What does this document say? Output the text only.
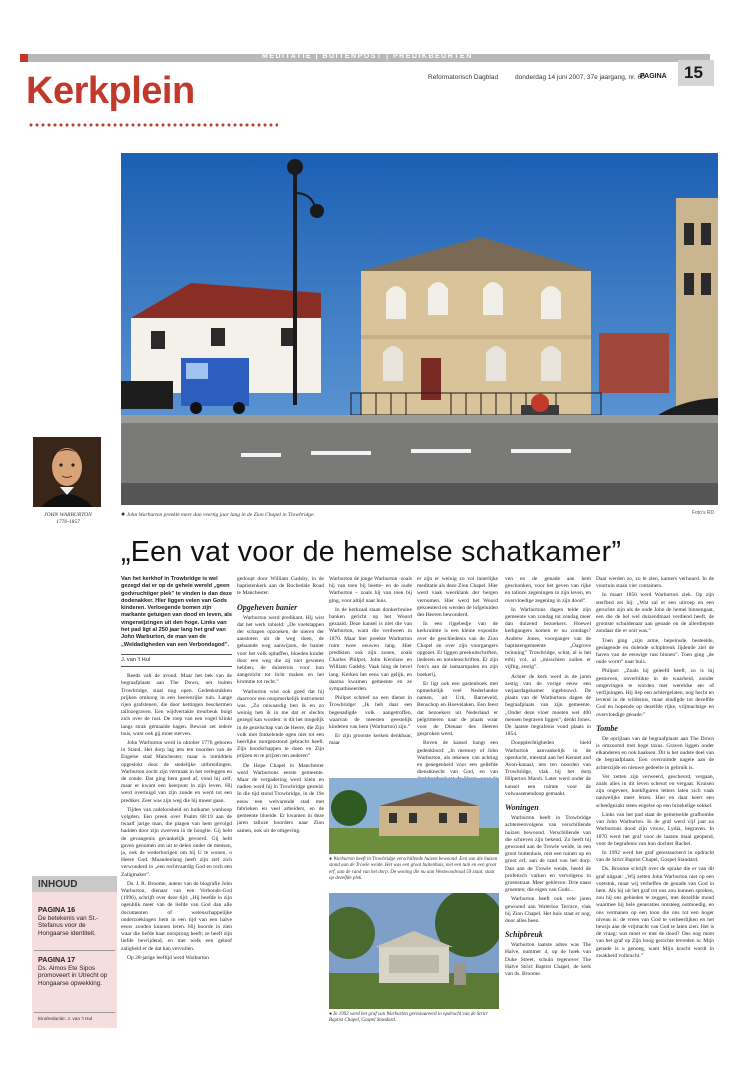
MEDITATIE | BUITENPOST | PREDIKBEURTEN
Kerkplein	Reformatorisch Dagblad	donderdag 14 juni 2007, 37e jaargang, nr. 60
PAGINA 15
JOHN WARBURTON
1776-1857
● John Warburton preekte meer dan veertig jaar lang in de Zion Chapel in Trowbridge.	Foto's RD
„Een vat voor de hemelse schatkamer”
Van het kerkhof in Trowbridge is wel gezegd dat er op de gehele wereld „geen godvruchtiger plek” te vinden is dan deze dodenakker. Hier liggen velen van Gods kinderen. Verloegende bomen zijn markante getuigen van dood en leven, als vingerwijzingen uit den hoge. Links van het pad ligt al 250 jaar lang het graf van John Warburton, de man van de „Weldadigheden van een Verbondsgod”.
J. van 't Hul

Reeds valt de avond. Maar het bek van de begraafplaats aan The Down, net buiten Trowbridge, staat nog open. Gedenkstukken prijken omhoog in een heerenrijke tuin. Lange rijen grafstenen, die door kettingen beschermen tallozegraven. Een wijdvertakte treurbeuk buigt zich over de rust. De roep van een vogel klinkt langs strak gemaaide hagen. Bewust zet iedere buis, want ook gij moet sterven.

John Warburton werd in oktober 1776 geboren in Stand. Het dorp lag iets ten noorden van de Engelse stad Manchester, maar is inmiddels opgeslokt door de stedelijke uitbreidingen. Warburton zocht zijn vermaak in het verleggen en de zonde. Dat ging hem goed af, vond hij zelf, maar er kwam een keerpunt in zijn leven. Hij werd overtuigd van zijn zonde en werd tot een prediker. Zeer was zijn weg die hij moest gaan.

Tijden van radeloosheid en hulkame wanhoop volgden. Een preek over Psalm 68:19 aan de twaalf jarige man, die plagen van hem gevolgd hadden door zijn zwerven in de hooglte. Gij hebt de gevangenis gevankelijk gevoerd. Gij hebt gaven genomen om uit te delen onder de mensen, ja, ook de wederhorigen om bij U te wonen, o Heere God. Maandenlang heeft zijn ziel zich verwonderd in „een rechtvaardig God en toch een Zaligmaker”.

Ds. J. R. Broome, auteur van de biografie John Warburton, dienaar van een Verbonds-God (1996), schrijft over deze tijd: „Hij beefde in zijn ogenblik meer van de liefde van God dan alle documenten of wetenschappelijke onderzoekingen hem in een tijd van een halve eeuw zouden kunnen leren. Hij hoorde in zien waar die liefde haar oorsprong heeft; ze heeft zijn liefde bevrijdend, en met welk een geloof zaligheid er de dat kan vervullen.

Op 28-jarige leeftijd werd Warburton

gedoopt door William Gadsby, in de baptistenkerk aan de Rochedale Road te Manchester.

Opgeheven banier

Warburton werd predikant. Hij wist dat het werk inhield: „De voetstappen der schapen opzoeken, de nieren der aanstoten uit de weg doen, de gebaande weg aanwijzen, de banier voor het volk opheffen, bloeden kinder door een weg die zij niet geweten hebben, de duisternis voor hun aangezicht tot licht maken en het kromme tot recht.”

Warburton wist ook goed dat hij daarvoor een onopmerkelijk instrument was. „Zo onwaardig ben ik en zo weinig heb ik in me dat er slechts gezegd kan worden: is dit het mogelijk in de gezelschap van de Heere, die Zijn volk met fonkelende ogen niet tot een heerlijke morgenstond gebracht heeft. Zijn boodschappen te doen en Zijn prijzen en te prijzen ten anderen”

De Hope Chapel in Manchester werd Warburtons eerste gemeente. Maar de vergadering werd klein en nadien werd hij in Trowbridge gesteld. In die tijd stond Trowbridge, in de 19e eeuw een welvarende stad met fabrieken en veel arbeiders, en de gemeente bloeide. Er kwamen in deze jaren talloze hoorders naar Zion samen, ook uit de omgeving.

Warburton de jonge Warburton -zoals hij van toen bij heette- en de oude Warburton – zoals hij van toen bij ging, voor altijd naar huis.

In de kerkzaal staan donkerbruine banken gericht op het Woord gezaaid. Deze kansel is niet die van Warburton, want die verdween in 1870. Maar hier preekte Warburton ruim twee eeuwen lang. Hier predikten ook zijn zonen, zoals Charles Philpot, John Kershaw en William Gadsby. Vaak hing de bevel lang. Kerken het eens van gelijk, en daarna kwamen gemeente en ze sympathiseerden.

Philpot schreef na een dienst in Trowbridge: „Ik heb daar een begenadigde volk aangetroffen, waarvan de meesten geestelijk kinderen van hem (Warburton) zijn.”

Er zijn grootste kerken denkbaar, maar

er zijn er weinig zo vol innerlijke meditatie als deze Zion Chapel. Hier werd vaak weerklank der bergen vernomen. Hier werd het Woord gekoesterd en werden de lofgeluiden des Heeren bewonderd.

In een rijgebedje van de kerkruimte is een kleine expositie over de geschiedenis van de Zion Chapel en over zijn voorgangers opgezet. Er liggen preekuitschriften, liederen en notulenschriften. Er zijn foto's aan de lantaarnpalen en zijn boekerij.

Er ligt ook een gastenboek met opmerkelijk veel Nederlandse namen, uit Urk, Barneveld, Benschop en Hoevelaken. Een feest dat bezoekers uit Nederland er pelgrimeren naar de plaats waar voor de Dienaar des Heeren gesproken werd.

Boven de kansel hangt een gedenkbord: „In memory of John Warburton, als tekenen van achting en genegenheid voor een geliefde dienstknecht van God, en van

● Warburton heeft in Trowbridge verschillende huizen bewoond. Een van die huizen stond aan de Trowle weide. Het was een groot buitenhuis, met een tuin en een groot erf, aan de rand van het dorp. De woning die nu aan Westwoodroad 59 staat, staat op dezelfde plek.
● In 1992 werd het graf van Warburton gerestaureerd in opdracht van de Strict Baptist Chapel, Gospel Standard.

ven en de genade aan hem geschonken, voor het geven van rijke en talloze zegeningen in zijn leven, en overvloedige zegening in zijn dood”.

In Warburtons dagen telde zijn gemeente van zondag tot zondag meer dan duizend bezoekers. Hoewel kerkgangers komen er nu zondags? Andrew Jones, voorganger van de baptistengemeente „Oagrove twinning” Trowbridge, schat, al is het erbij vol, al „misschien zullen er vijftig, zestig”.

Achter de kerk werd in de jaren zestig van de vorige eeuw een verjaardagskamer ingebouwd. De plaats van de Warburtons dagen de begraafplaats van zijn gemeente. „Onder deze vloer moeten wel 400 mensen begraven liggen”, denkt Jones. De laatste begrafenis vond plaats in 1854.

Doopplechtigheden hield Warburton aanvankelijk in de openlucht, meestal aan het Kennet and Avon-kanaal, iets ten noorden van Trowbridge, vlak bij het dorp Hilperton Marsh. Later werd onder de kansel een ruimte voor de volwassenendoop gemaakt.

Woningen

Warburton heeft in Trowbridge achtereenvolgens van verschillende huizen bewoond. Verschillende van die schreven zijn bekend. Zo heeft hij gewoond aan de Trowle weide, in een groot buitenhuis, met een tuinen op en groot erf, aan de rand van het dorp. Dan aan de Trowle weide, heeld de profetisch varken en vervolgens in groenstraat. Meer gebleven: Drie naast groenten; die eigen van Gods...

Warburton heeft ook vele jaren gewoond aan Waterloo Terrace, vlak bij Zion Chapel. Het huis staat er nog, door alles heen.

Schipbreuk

Warburton laatste adres was The Halve, nummer 4, op de hoek van Duke Street, schuin tegenover The Halve Strict Baptist Chapel, de kerk van ds. Broome.

Daar werden zo, zo te zien, kamers verhuurd. In de voortuin staan vier containers.

In maart 1856 werd Warburton ziek. Op zijn sterfbed zei hij: „Wat zal er een uitroep en een geruchte zijn als de oude John de hemel binnengaat, een die de hel wel duizendmaal verdiend heeft, de grootste schuldenaar aan genade en de allerdiepste zondaar die er ooit was.”

Toen ging „zijn arme, bepeinsde, besteelde, geslagende en dolende schipbreuk lijdende ziel de haven van de eeuwige rust binnen”. Toen ging „de oude worm” naar huis.

Philpot: „Zoals hij geleefd heeft, zo is hij gestorven, onverblikte in de waarheid, zonder omgevingen te worden met wereldse eer of verfijningen. Hij liep een achtergelaten, nog hecht en levend in de wildernis, maar eindigde tot dezelfde God en hopende op dezelfde rijke, vrijmachtige en overvloedige genade.”

Tombe

De oprijlaan van de begraafplaats aan The Down is omzoomd met hoge taxus. Graven liggen onder elkanderen en ook haaksen. Dit is het oudste deel van de begraafplaats. Een overruimde nagele aan de achterzijde en nieuwe gedeelte in gebruik is.

Ver zetten zijn verweerd, gescheurd, vergaan, zoals alles in dit leven scheurt en vergaat. Kruisen zijn ongeveer, hoekfiguren letters laten zich vaak nauwelijks meer lezen. Hier en daar keert een scheefgezakt steen engelse op een broekelige sokkel.

Links van het pad staat de gemetselde grafbombe van John Warburton. In de graf werd vijf jaar na Warburtons dood zijn vrouw, Lydia, begraven. In 1870 werd het graf voor de laatste maal geopend, voor de begrafenis van hun dochter Rachel.

In 1992 werd het graf gerestaureerd in opdracht van de Strict Baptist Chapel, Gospel Standard.

Ds. Broome schrijft over de sprake die er van dit graf uitgaat: „Wij zetten John Warburton niet op een voetstuk, maar wij verheffen de genade van God in hem. Als hij uit het graf tot ons zou kunnen spreken, zou hij ons gebieden te zeggen, met dezelfde mond waarmee hij hele generaties ontsteeg ootmoedig, en ons vermanen op een toon die ons tot een hoger niveau is: de vrees van God te verheerlijken en het bewijs aan de vrijmacht van God te laten zien. Het is de vraag: wat moet er met de dood? Ons oog moet van het graf op Zijn hoog gezichte tevreden is: Mijn genade is u genoeg, want Mijn kracht wordt in zwakheid volbracht.”

INHOUD
PAGINA 16
De betekenis van St.-Stefanus voor de Hongaarse identiteit.
PAGINA 17
Ds. Almos Ete Sipos promoveert in Utrecht op Hongaarse opwekking.
Eindredactie: J. van 't Hul
